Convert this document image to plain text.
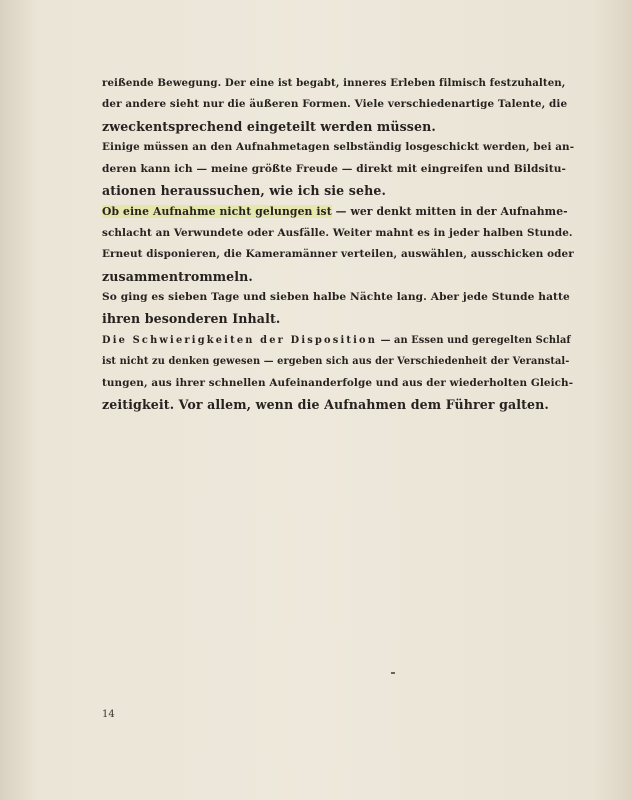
reißende Bewegung. Der eine ist begabt, inneres Erleben filmisch festzuhalten,
der andere sieht nur die äußeren Formen. Viele verschiedenartige Talente, die
zweckentsprechend eingeteilt werden müssen.

Einige müssen an den Aufnahmetagen selbständig losgeschickt werden, bei an-
deren kann ich — meine größte Freude — direkt mit eingreifen und Bildsitu-
ationen heraussuchen, wie ich sie sehe.

Ob eine Aufnahme nicht gelungen ist — wer denkt mitten in der Aufnahme-
schlacht an Verwundete oder Ausfälle. Weiter mahnt es in jeder halben Stunde.
Erneut disponieren, die Kameramänner verteilen, auswählen, ausschicken oder
zusammentrommeln.

So ging es sieben Tage und sieben halbe Nächte lang. Aber jede Stunde hatte
ihren besonderen Inhalt.

Die Schwierigkeiten der Disposition — an Essen und geregelten Schlaf
ist nicht zu denken gewesen — ergeben sich aus der Verschiedenheit der Veranstal-
tungen, aus ihrer schnellen Aufeinanderfolge und aus der wiederholten Gleich-
zeitigkeit. Vor allem, wenn die Aufnahmen dem Führer galten.

14
